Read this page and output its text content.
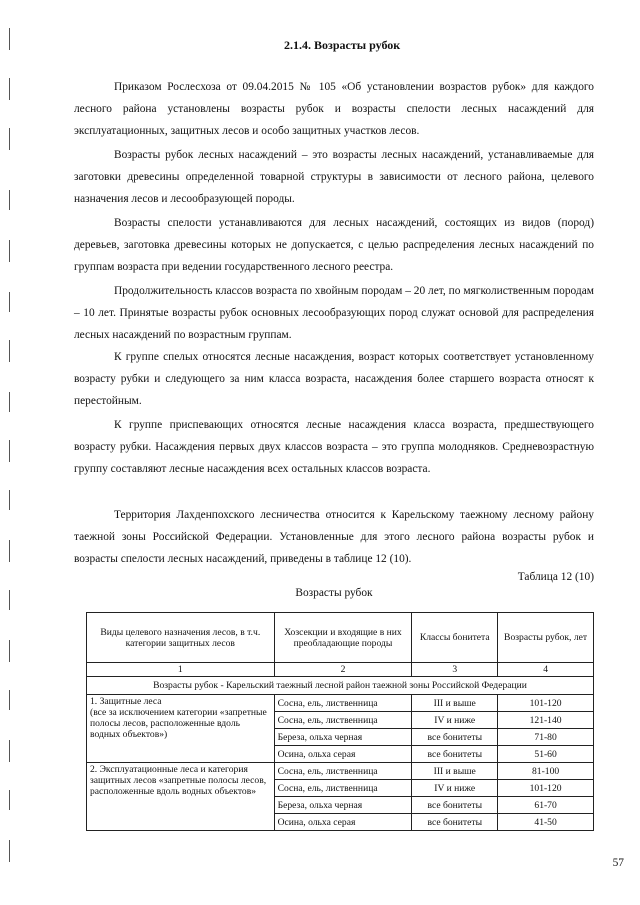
2.1.4. Возрасты рубок

Приказом Рослесхоза от 09.04.2015 № 105 «Об установлении возрастов рубок» для каждого лесного района установлены возрасты рубок и возрасты спелости лесных насаждений для эксплуатационных, защитных лесов и особо защитных участков лесов.

Возрасты рубок лесных насаждений – это возрасты лесных насаждений, устанавливаемые для заготовки древесины определенной товарной структуры в зависимости от лесного района, целевого назначения лесов и лесообразующей породы.

Возрасты спелости устанавливаются для лесных насаждений, состоящих из видов (пород) деревьев, заготовка древесины которых не допускается, с целью распределения лесных насаждений по группам возраста при ведении государственного лесного реестра.

Продолжительность классов возраста по хвойным породам – 20 лет, по мягколиственным породам – 10 лет. Принятые возрасты рубок основных лесообразующих пород служат основой для распределения лесных насаждений по возрастным группам.

К группе спелых относятся лесные насаждения, возраст которых соответствует установленному возрасту рубки и следующего за ним класса возраста, насаждения более старшего возраста относят к перестойным.

К группе приспевающих относятся лесные насаждения класса возраста, предшествующего возрасту рубки. Насаждения первых двух классов возраста – это группа молодняков. Средневозрастную группу составляют лесные насаждения всех остальных классов возраста.

Территория Лахденпохского лесничества относится к Карельскому таежному лесному району таежной зоны Российской Федерации. Установленные для этого лесного района возрасты рубок и возрасты спелости лесных насаждений, приведены в таблице 12 (10).

Таблица 12 (10)
Возрасты рубок
Виды целевого назначения лесов, в т.ч. категории защитных лесов	Хозсекции и входящие в них преобладающие породы	Классы бонитета	Возрасты рубок, лет
1	2	3	4
Возрасты рубок - Карельский таежный лесной район таежной зоны Российской Федерации			
1. Защитные леса
(все за исключением категории «запретные полосы лесов, расположенные вдоль водных объектов»)	Сосна, ель, лиственница	III и выше	101-120
	Сосна, ель, лиственница	IV и ниже	121-140
	Береза, ольха черная	все бонитеты	71-80
	Осина, ольха серая	все бонитеты	51-60
2. Эксплуатационные леса и категория защитных лесов «запретные полосы лесов, расположенные вдоль водных объектов»	Сосна, ель, лиственница	III и выше	81-100
	Сосна, ель, лиственница	IV и ниже	101-120
	Береза, ольха черная	все бонитеты	61-70
	Осина, ольха серая	все бонитеты	41-50
57
